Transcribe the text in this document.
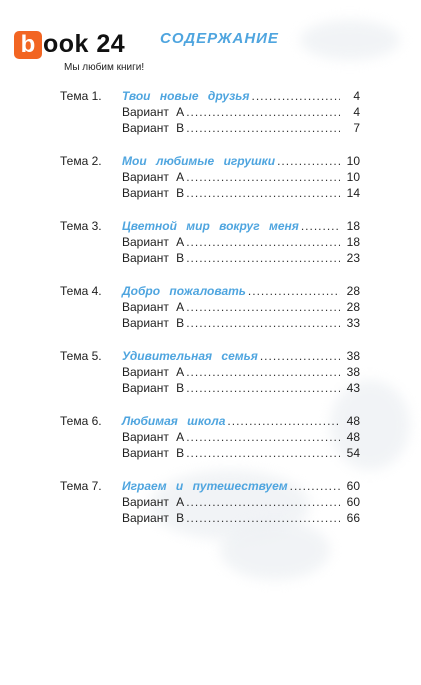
b ook 24
Мы любим книги!
СОДЕРЖАНИЕ
Тема 1.	Твои новые друзья .....	4
Вариант А .....	4
Вариант В .....	7
Тема 2.	Мои любимые игрушки .....	10
Вариант А .....	10
Вариант В .....	14
Тема 3.	Цветной мир вокруг меня .....	18
Вариант А .....	18
Вариант В .....	23
Тема 4.	Добро пожаловать .....	28
Вариант А .....	28
Вариант В .....	33
Тема 5.	Удивительная семья .....	38
Вариант А .....	38
Вариант В .....	43
Тема 6.	Любимая школа .....	48
Вариант А .....	48
Вариант В .....	54
Тема 7.	Играем и путешествуем .....	60
Вариант А .....	60
Вариант В .....	66
